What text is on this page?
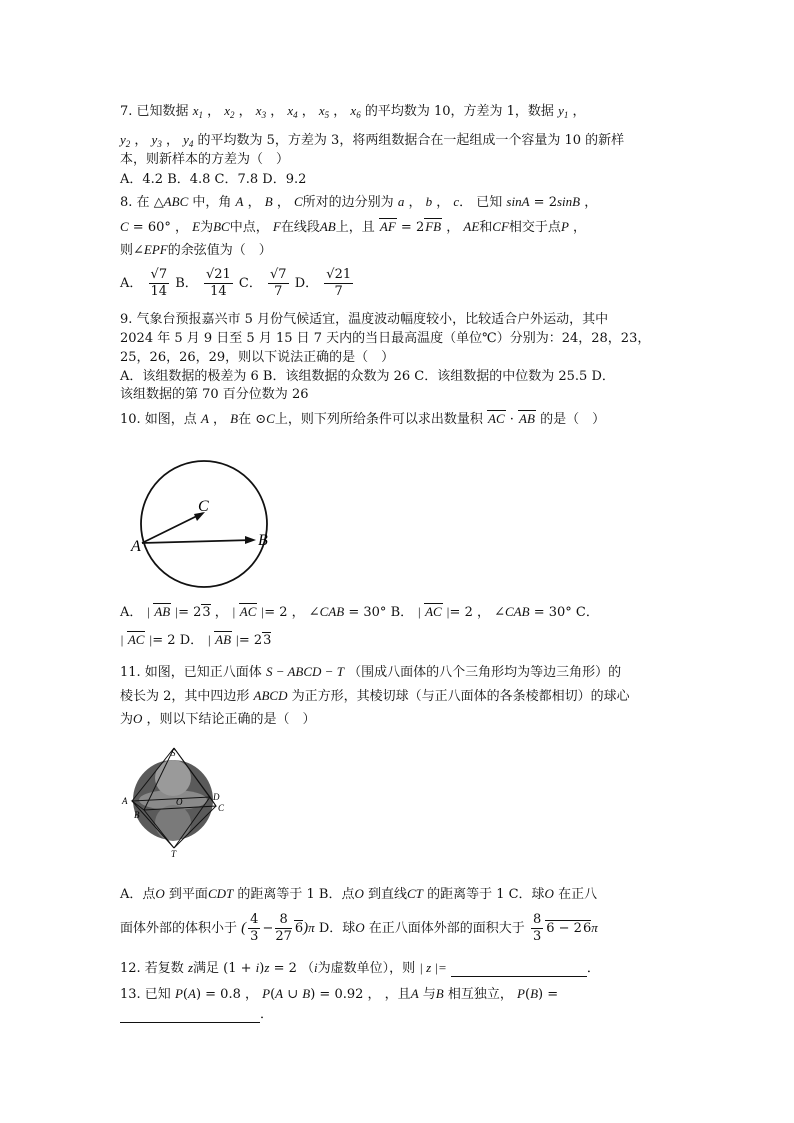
7. 已知数据 $x_1$ ， $x_2$ ， $x_3$ ， $x_4$ ， $x_5$ ， $x_6$ 的平均数为 10，方差为 1，数据 $y_1$ ，
$y_2$ ， $y_3$ ， $y_4$ 的平均数为 5，方差为 3，将两组数据合在一起组成一个容量为 10 的新样
本，则新样本的方差为（　）
A．4.2 B．4.8 C．7.8 D．9.2
8. 在 △ABC 中，角 A ， B ， C所对的边分别为 a ， b ， c． 已知 sinA = 2sinB ，
C = 60° ， E为BC中点， F在线段AB上，且 AF = 2FB ， AE和CF相交于点P ，
则∠EPF的余弦值为（　）
A． $\frac{√7}{14}$ B． $\frac{√21}{14}$ C． $\frac{√7}{7}$ D． $\frac{√21}{7}$
9. 气象台预报嘉兴市 5 月份气候适宜，温度波动幅度较小，比较适合户外运动，其中
2024 年 5 月 9 日至 5 月 15 日 7 天内的当日最高温度（单位℃）分别为：24，28，23，
25，26，26，29，则以下说法正确的是（　）
A．该组数据的极差为 6 B．该组数据的众数为 26 C．该组数据的中位数为 25.5 D．
该组数据的第 70 百分位数为 26
10. 如图，点 A ， B在 ⊙C上，则下列所给条件可以求出数量积 AC · AB 的是（　）
A	B
C
A． | AB |= 23 ， | AC |= 2 ， ∠CAB = 30° B． | AC |= 2 ， ∠CAB = 30° C．
| AC |= 2 D． | AB |= 23
11. 如图，已知正八面体 S − ABCD − T （围成八面体的八个三角形均为等边三角形）的
棱长为 2，其中四边形 ABCD 为正方形，其棱切球（与正八面体的各条棱都相切）的球心
为O ，则以下结论正确的是（　）
S
T
A
B
C
D
O
A．点O 到平面CDT 的距离等于 1 B．点O 到直线CT 的距离等于 1 C．球O 在正八
面体外部的体积小于 ( $\frac{4}{3} - \frac{8}{27} 6)\pi$ D．球O 在正八面体外部的面积大于 $\frac{8}{3} 6 - 26\pi$
12. 若复数 z满足 (1 + i)z = 2 （i为虚数单位），则 | z |=	．
13. 已知 P(A) = 0.8 ， P(A ∪ B) = 0.92 ， ，且A 与B 相互独立， P(B) =
．
